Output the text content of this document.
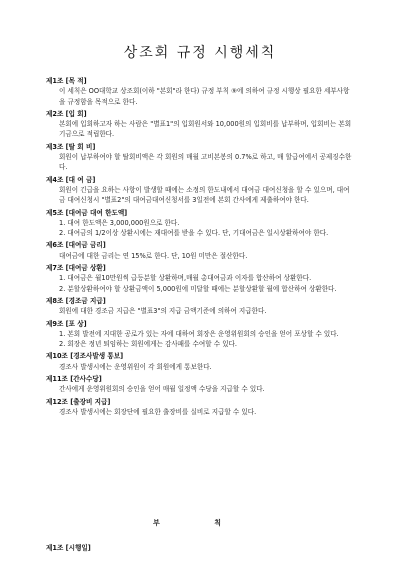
상조회 규정 시행세칙
제1조 [목 적]
이 세칙은 OO대학교 상조회(이하 "본회"라 한다) 규정 부칙 ⑨에 의하여 규정 시행상 필요한 세부사항을 규정함을 목적으로 한다.
제2조 [입 회]
본회에 입회하고자 하는 사람은 "별표1"의 입회원서와 10,000원의 입회비를 납부하며, 입회비는 본회 기금으로 적립한다.
제3조 [탈 회 비]
회원이 납부하여야 할 탈회비액은 각 회원의 매월 고비본봉의 0.7%로 하고, 매 할급여에서 공제징수한다.
제4조 [대 여 금]
회원이 긴급을 요하는 사항이 발생할 때에는 소정의 한도내에서 대여금 대여신청을 할 수 있으며, 대여금 대여신청시 "별표2"의 대여금대여신청서를 3일전에 본회 간사에게 제출하여야 한다.
제5조 [대여금 대여 한도액]
1. 대여 한도액은 3,000,000원으로 한다.
2. 대여금의 1/2이상 상환시에는 재대여를 받을 수 있다. 단, 기대여금은 일시상환하여야 한다.
제6조 [대여금 금리]
대여금에 대한 금리는 연 15%로 한다. 단, 10원 미만은 절산한다.
제7조 [대여금 상환]
1. 대여금은 월10만원씩 급등분할 상환하며,매월 총대여금과 이자를 합산하여 상환한다.
2. 분할상환하여야 할 상환금액이 5,000원에 미달할 때에는 분할상환할 월에 합산하여 상환한다.
제8조 [경조금 지급]
회원에 대한 경조금 지급은 "별표3"의 지급 금액기준에 의하여 지급한다.
제9조 [포 상]
1. 본회 발전에 지대한 공로가 있는 자에 대하여 회장은 운영위원회의 승인을 얻어 포상할 수 있다.
2. 회장은 정년 퇴임하는 회원에게는 감사패를 수여할 수 있다.
제10조 [경조사발생 통보]
경조사 발생시에는 운영위원이 각 회원에게 통보한다.
제11조 [간사수당]
간사에게 운영위원회의 승인을 얻어 매월 일정액 수당을 지급할 수 있다.
제12조 [출장비 지급]
경조사 발생시에는 회장단에 필요한 출장비를 실비로 지급할 수 있다.
부 칙
제1조 [시행일]
